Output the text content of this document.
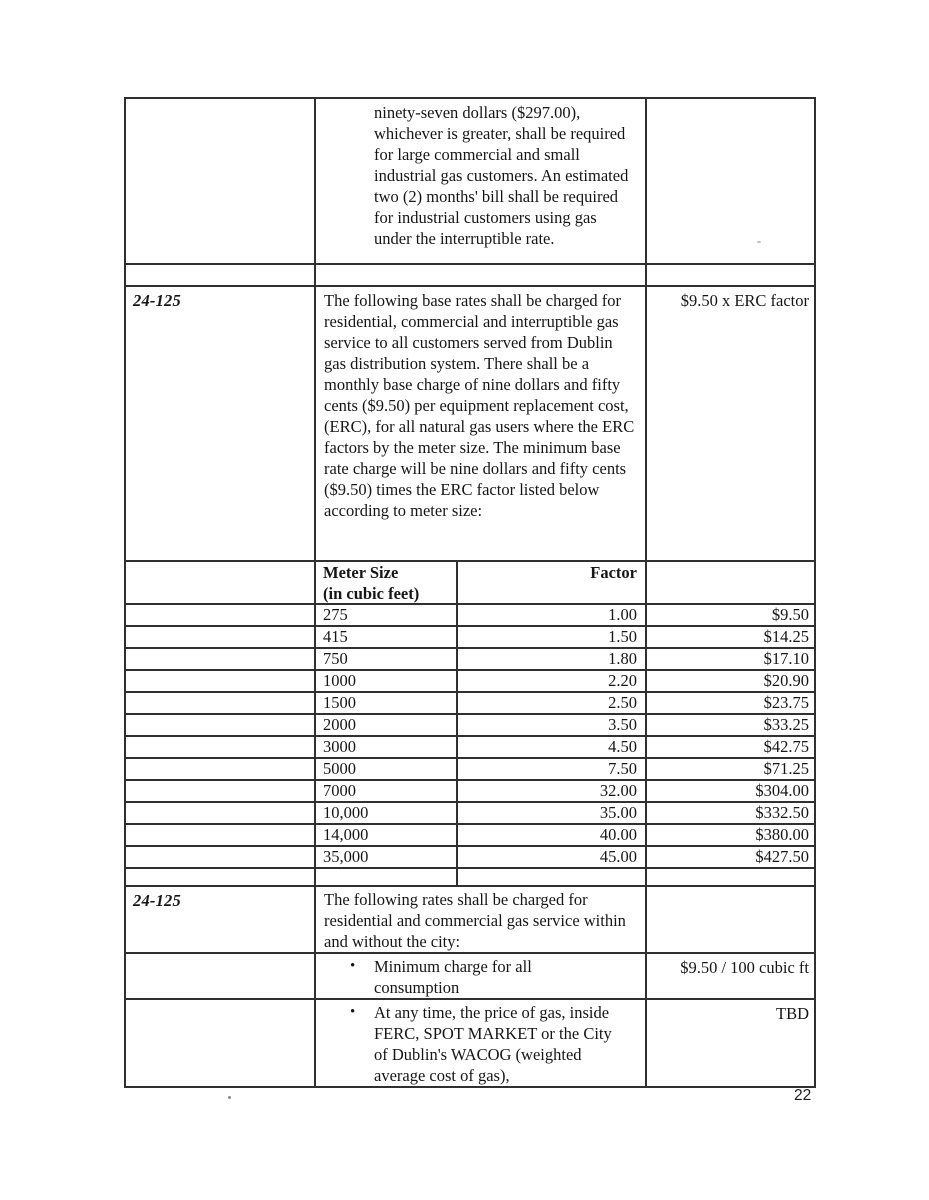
	ninety-seven dollars ($297.00), whichever is greater, shall be required for large commercial and small industrial gas customers. An estimated two (2) months' bill shall be required for industrial customers using gas under the interruptible rate.		

24-125	The following base rates shall be charged for residential, commercial and interruptible gas service to all customers served from Dublin gas distribution system. There shall be a monthly base charge of nine dollars and fifty cents ($9.50) per equipment replacement cost, (ERC), for all natural gas users where the ERC factors by the meter size. The minimum base rate charge will be nine dollars and fifty cents ($9.50) times the ERC factor listed below according to meter size:		$9.50 x ERC factor

	Meter Size
(in cubic feet)	Factor	

	275	1.00	$9.50

	415	1.50	$14.25

	750	1.80	$17.10

	1000	2.20	$20.90

	1500	2.50	$23.75

	2000	3.50	$33.25

	3000	4.50	$42.75

	5000	7.50	$71.25

	7000	32.00	$304.00

	10,000	35.00	$332.50

	14,000	40.00	$380.00

	35,000	45.00	$427.50

24-125	The following rates shall be charged for residential and commercial gas service within and without the city:		

	• Minimum charge for all consumption		$9.50 / 100 cubic ft

	• At any time, the price of gas, inside FERC, SPOT MARKET or the City of Dublin's WACOG (weighted average cost of gas),		TBD
22
